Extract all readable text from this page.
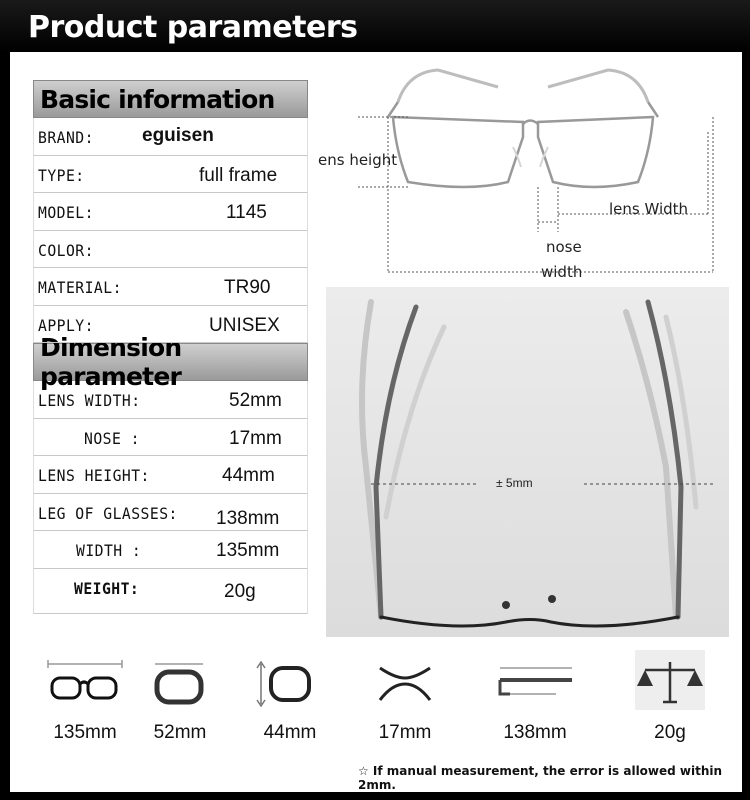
Product parameters
Basic information
BRAND:	eguisen
TYPE:	full frame
MODEL:	1145
COLOR:
MATERIAL:	TR90
APPLY:	UNISEX
Dimension parameter
LENS WIDTH:	52mm
NOSE :	17mm
LENS HEIGHT:	44mm
LEG OF GLASSES: 138mm
WIDTH :	135mm
WEIGHT:	20g
ens height
lens Width
nose
width
± 5mm
135mm	52mm	44mm	17mm	138mm	20g
☆ If manual measurement, the error is allowed within 2mm.
